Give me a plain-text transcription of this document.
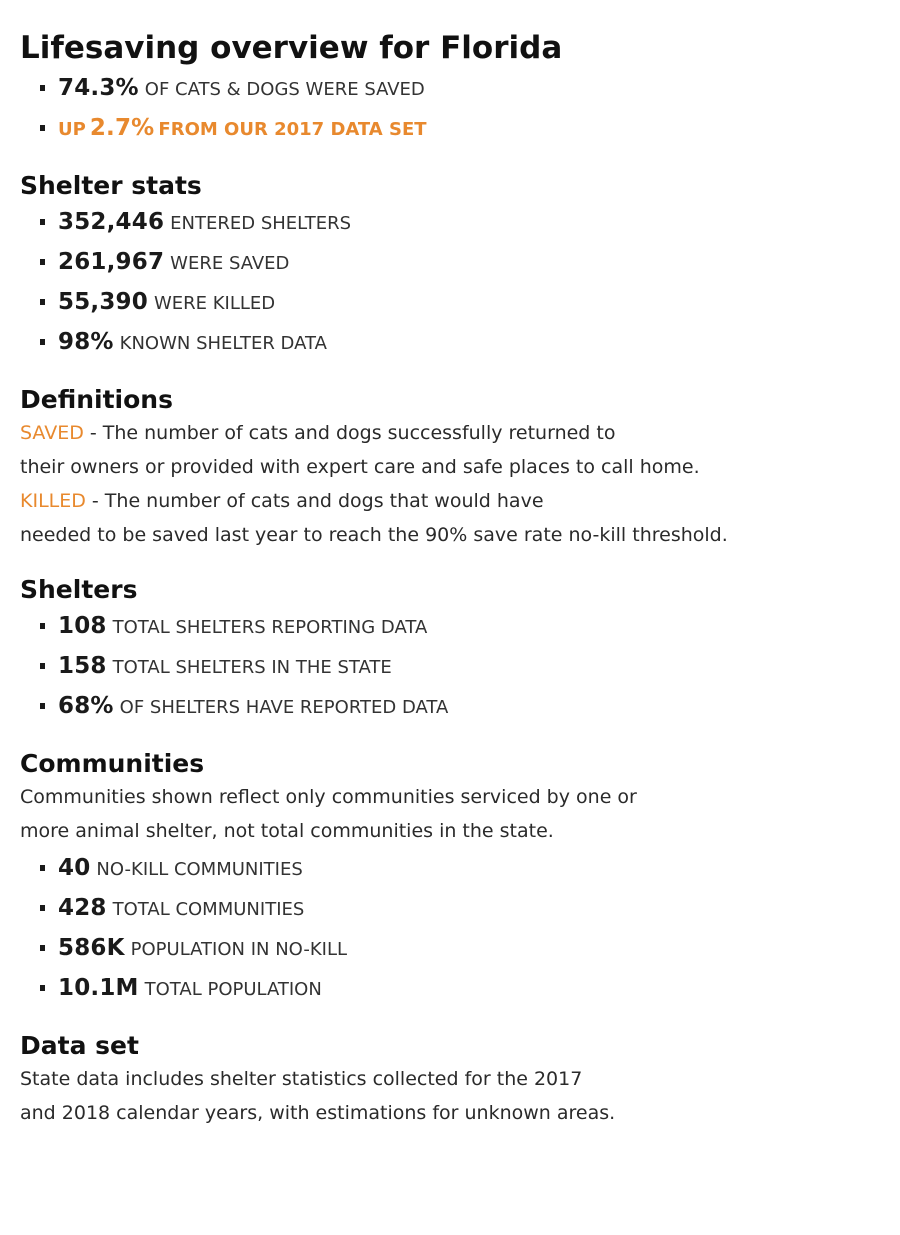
Lifesaving overview for Florida
74.3% OF CATS & DOGS WERE SAVED
UP 2.7% FROM OUR 2017 DATA SET
Shelter stats
352,446 ENTERED SHELTERS
261,967 WERE SAVED
55,390 WERE KILLED
98% KNOWN SHELTER DATA
Definitions

SAVED - The number of cats and dogs successfully returned to
their owners or provided with expert care and safe places to call home.

KILLED - The number of cats and dogs that would have
needed to be saved last year to reach the 90% save rate no-kill threshold.

Shelters
108 TOTAL SHELTERS REPORTING DATA
158 TOTAL SHELTERS IN THE STATE
68% OF SHELTERS HAVE REPORTED DATA
Communities

Communities shown reflect only communities serviced by one or
more animal shelter, not total communities in the state.

40 NO-KILL COMMUNITIES
428 TOTAL COMMUNITIES
586K POPULATION IN NO-KILL
10.1M TOTAL POPULATION
Data set

State data includes shelter statistics collected for the 2017
and 2018 calendar years, with estimations for unknown areas.
